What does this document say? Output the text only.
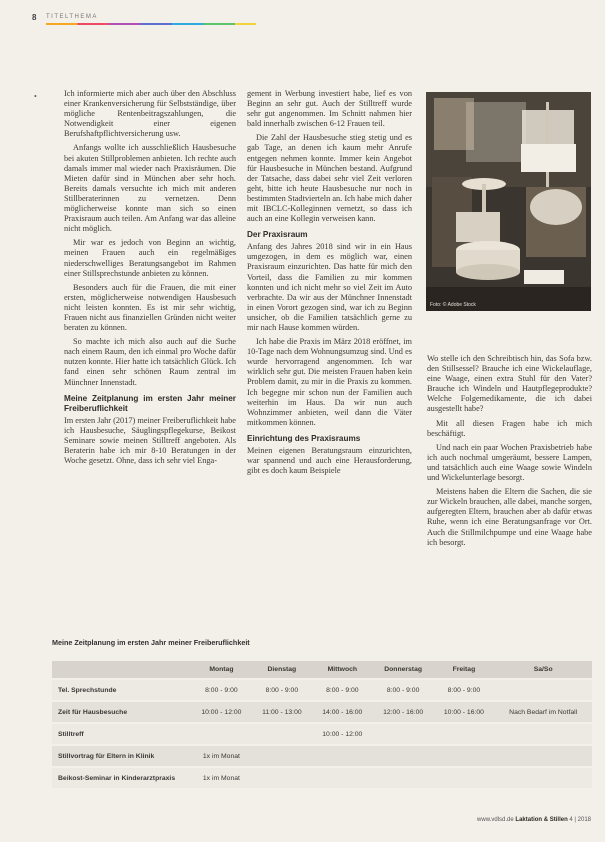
8 TITELTHEMA
•	Ich informierte mich aber auch über den Abschluss einer Krankenversicherung für Selbstständige, über mögliche Rentenbeitragszahlungen, die Notwendigkeit einer eigenen Berufshaftpflichtversicherung usw.

Anfangs wollte ich ausschließlich Hausbesuche bei akuten Stillproblemen anbieten. Ich rechte auch damals immer mal wieder nach Praxisräumen. Die Mieten dafür sind in München aber sehr hoch. Bereits damals versuchte ich mich mit anderen Stillberaterinnen zu vernetzen. Denn möglicherweise konnte man sich so einen Praxisraum auch teilen. Am Anfang war das alleine nicht möglich.

Mir war es jedoch von Beginn an wichtig, meinen Frauen auch ein regelmäßiges niederschwelliges Beratungsangebot im Rahmen einer Stillsprechstunde anbieten zu können.

Besonders auch für die Frauen, die mit einer ersten, möglicherweise notwendigen Hausbesuch nicht leisten konnten. Es ist mir sehr wichtig, Frauen nicht aus finanziellen Gründen nicht weiter beraten zu können.

So machte ich mich also auch auf die Suche nach einem Raum, den ich einmal pro Woche dafür nutzen konnte. Hier hatte ich tatsächlich Glück. Ich fand einen sehr schönen Raum zentral im Münchner Innenstadt.

Meine Zeitplanung im ersten Jahr meiner Freiberuflichkeit

Im ersten Jahr (2017) meiner Freiberuflichkeit habe ich Hausbesuche, Säuglingspflegekurse, Beikost Seminare sowie meinen Stilltreff angeboten. Als Beraterin habe ich mir 8-10 Beratungen in der Woche gesetzt. Ohne, dass ich sehr viel Enga-

gement in Werbung investiert habe, lief es von Beginn an sehr gut. Auch der Stilltreff wurde sehr gut angenommen. Im Schnitt nahmen hier bald innerhalb zwischen 6-12 Frauen teil.

Die Zahl der Hausbesuche stieg stetig und es gab Tage, an denen ich kaum mehr Anrufe entgegen nehmen konnte. Immer kein Angebot für Hausbesuche in München bestand. Aufgrund der Tatsache, dass dabei sehr viel Zeit verloren geht, bitte ich heute Hausbesuche nur noch in bestimmten Stadtvierteln an. Ich habe mich daher mit IBCLC-Kolleginnen vernetzt, so dass ich auch an eine Kollegin verweisen kann.

Der Praxisraum

Anfang des Jahres 2018 sind wir in ein Haus umgezogen, in dem es möglich war, einen Praxisraum einzurichten. Das hatte für mich den Vorteil, dass die Familien zu mir kommen konnten und ich nicht mehr so viel Zeit im Auto verbrachte. Da wir aus der Münchner Innenstadt in einen Vorort gezogen sind, war ich zu Beginn unsicher, ob die Familien tatsächlich gerne zu mir nach Hause kommen würden.

Ich habe die Praxis im März 2018 eröffnet, im 10-Tage nach dem Wohnungsumzug sind. Und es wurde hervorragend angenommen. Ich war wirklich sehr gut. Die meisten Frauen haben kein Problem damit, zu mir in die Praxis zu kommen. Ich begegne mir schon nun der Familien auch weiterhin im Haus. Da wir nun auch Wohnzimmer anbieten, weil dann die Väter mitkommen können.

Einrichtung des Praxisraums

Meinen eigenen Beratungsraum einzurichten, war spannend und auch eine Herausforderung, gibt es doch kaum Beispiele

Foto: © Adobe Stock

Wo stelle ich den Schreibtisch hin, das Sofa bzw. den Stillsessel? Brauche ich eine Wickelauflage, eine Waage, einen extra Stuhl für den Vater? Brauche ich Windeln und Hautpflegeprodukte? Welche Folgemedikamente, die ich dabei ausgestellt habe?

Mit all diesen Fragen habe ich mich beschäftigt.

Und nach ein paar Wochen Praxisbetrieb habe ich auch nochmal umgeräumt, bessere Lampen, und tatsächlich auch eine Waage sowie Windeln und Wickelunterlage besorgt.

Meistens haben die Eltern die Sachen, die sie zur Wickeln brauchen, alle dabei, manche sorgen, aufgeregten Eltern, brauchen aber ab dafür etwas Ruhe, wenn ich eine Beratungsanfrage vor Ort. Auch die Stillmilchpumpe und eine Waage habe ich besorgt.

Meine Zeitplanung im ersten Jahr meiner Freiberuflichkeit
	Montag	Dienstag	Mittwoch	Donnerstag	Freitag	Sa/So
Tel. Sprechstunde	8:00 - 9:00	8:00 - 9:00	8:00 - 9:00	8:00 - 9:00	8:00 - 9:00	
Zeit für Hausbesuche	10:00 - 12:00	11:00 - 13:00	14:00 - 16:00	12:00 - 16:00	10:00 - 16:00	Nach Bedarf im Notfall
Stilltreff			10:00 - 12:00			
Stillvortrag für Eltern in Klinik	1x im Monat					
Beikost-Seminar in Kinderarztpraxis	1x im Monat					
www.vdlsd.de Laktation & Stillen 4 | 2018
